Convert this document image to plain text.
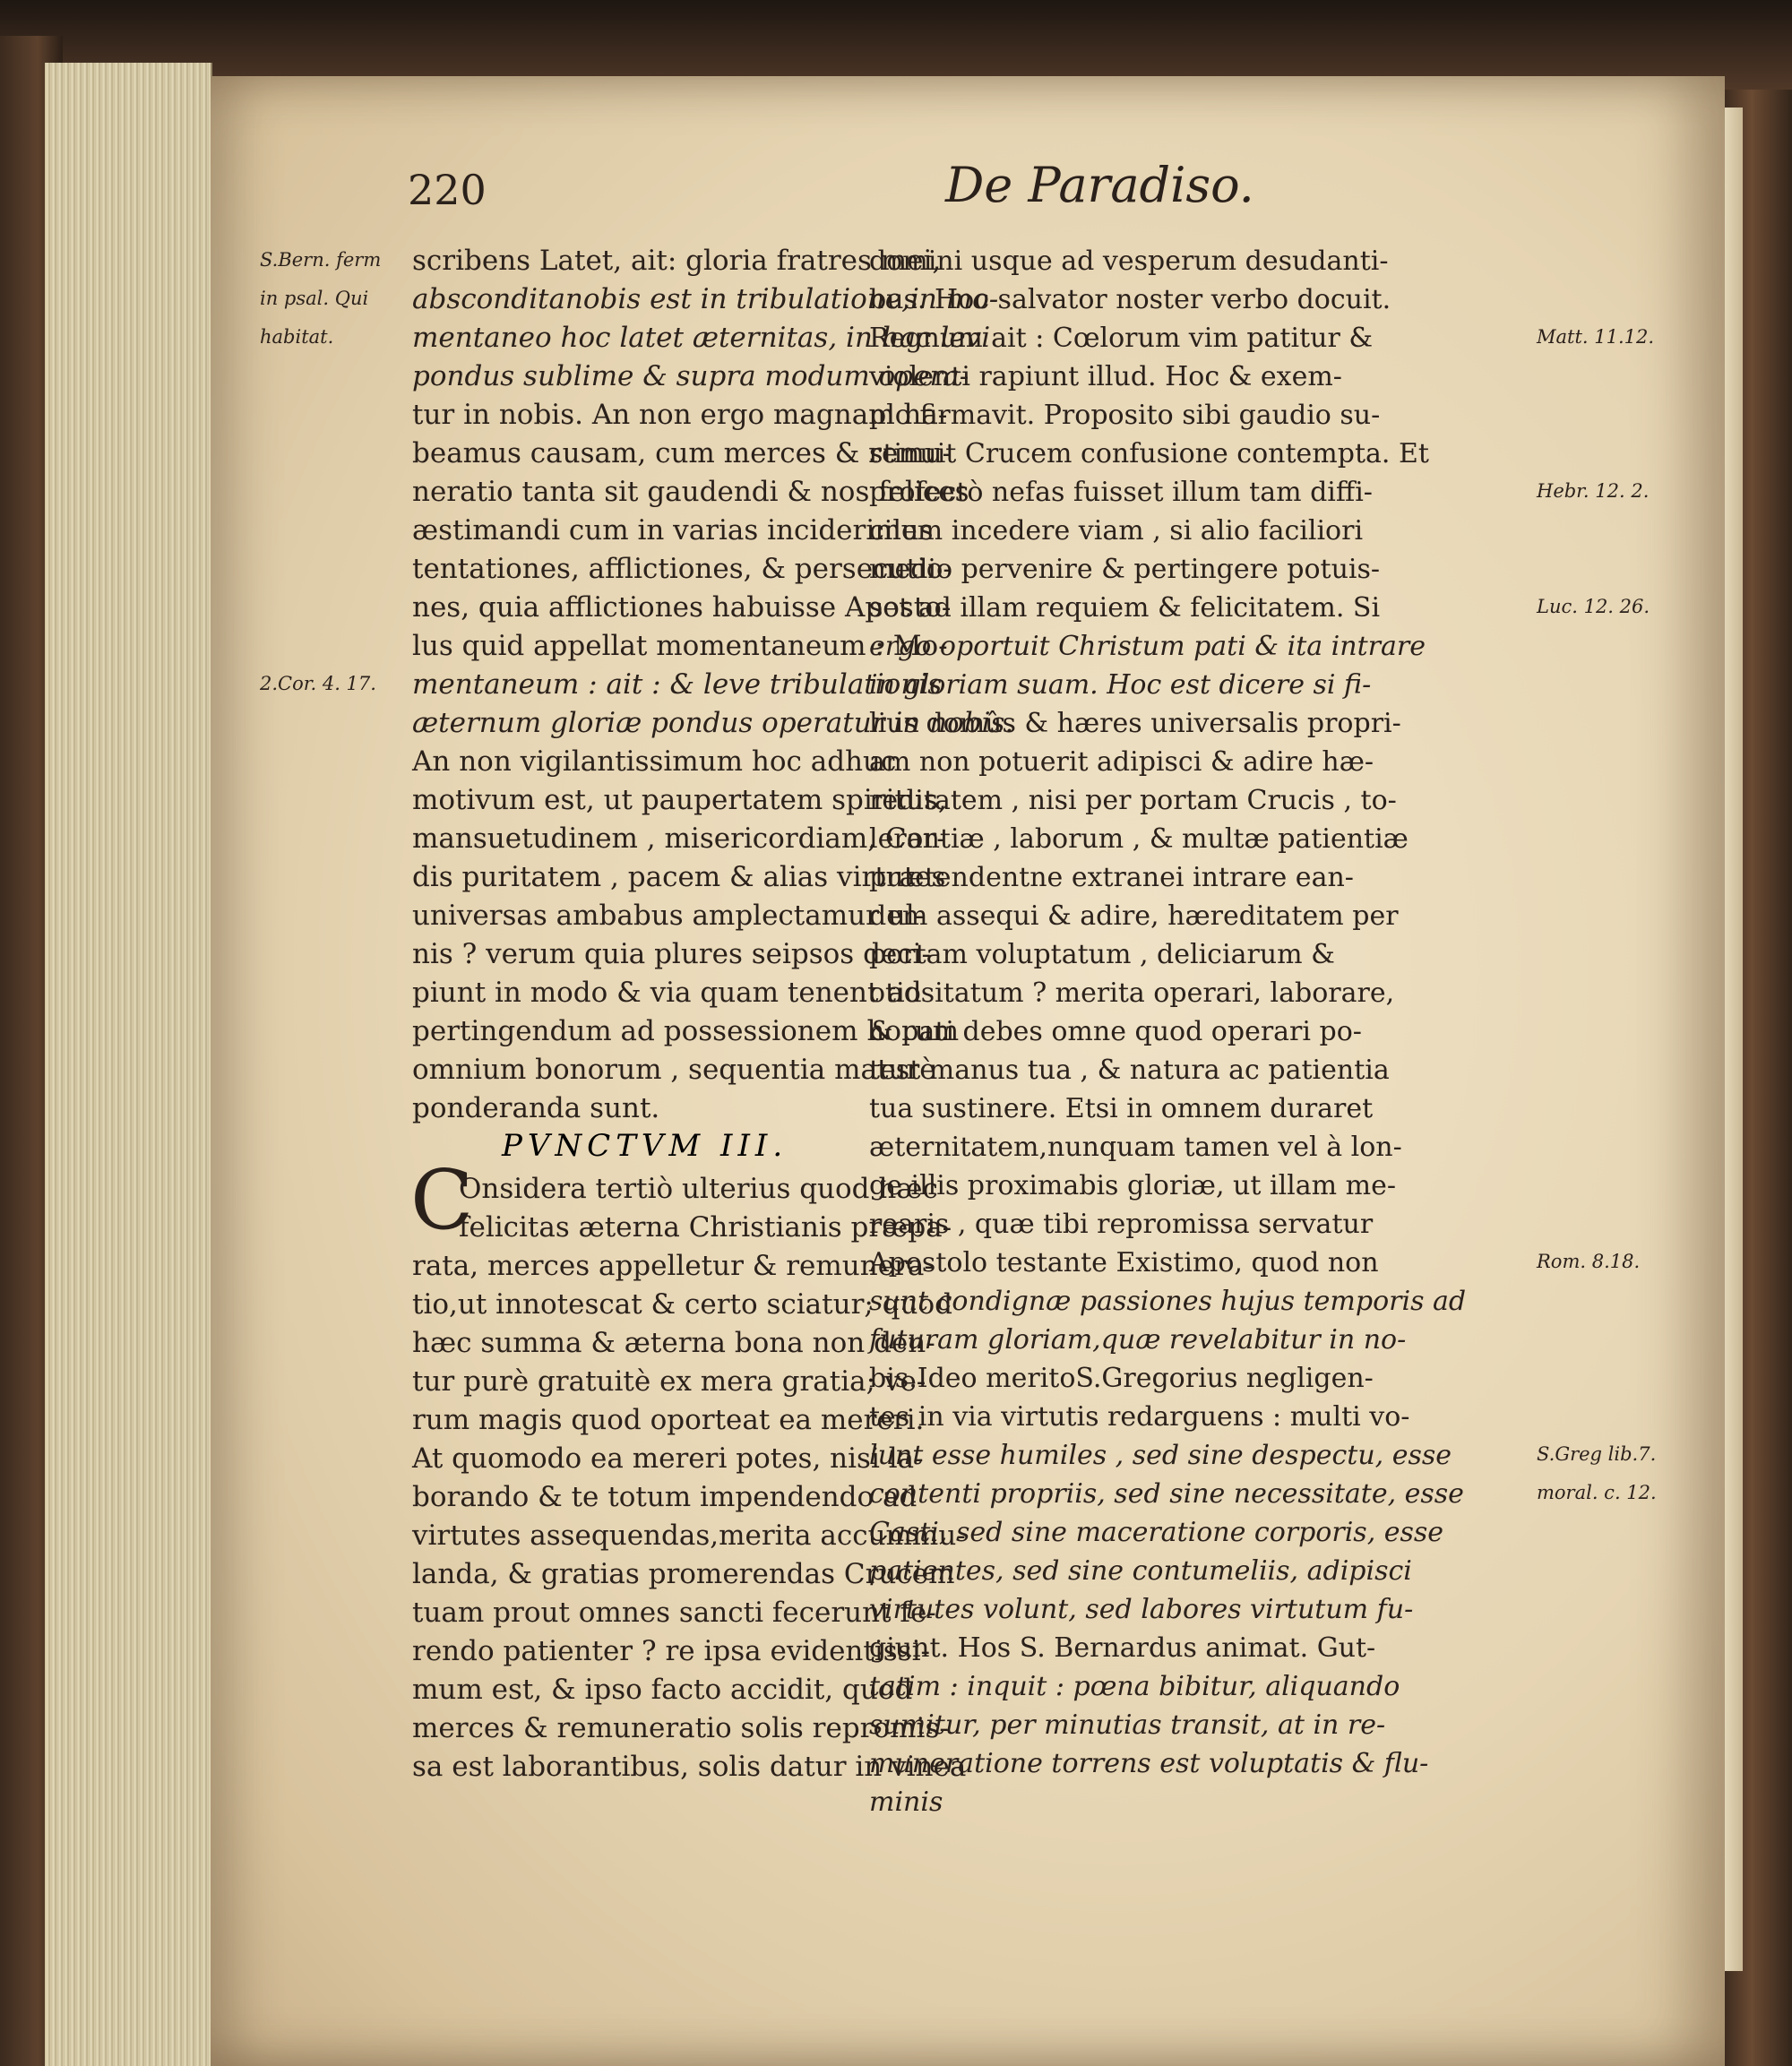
220	De Paradiso.
S.Bern. ferm
in psal. Qui
habitat.
2.Cor. 4. 17.
scribens Latet, ait: gloria fratres mei,
absconditanobis est in tribulatione,in mo-
mentaneo hoc latet æternitas, in hac levi
pondus sublime & supra modum opera-
tur in nobis. An non ergo magnam ha-
beamus causam, cum merces & remu-
neratio tanta sit gaudendi & nos felices
æstimandi cum in varias inciderimus
tentationes, afflictiones, & persecutio-
nes, quia afflictiones habuisse Aposto-
lus quid appellat momentaneum : Mo-
mentaneum : ait : & leve tribulationis
æternum gloriæ pondus operatur in nobis.
An non vigilantissimum hoc adhuc
motivum est, ut paupertatem spiritus,
mansuetudinem , misericordiam, Cor-
dis puritatem , pacem & alias virtutes
universas ambabus amplectamur ul-
nis ? verum quia plures seipsos deci-
piunt in modo & via quam tenent ad
pertingendum ad possessionem horum
omnium bonorum , sequentia maturè
ponderanda sunt.
PVNCTVM III.
C
Onsidera tertiò ulterius quod hæc
felicitas æterna Christianis præpa-
rata, merces appelletur & remunera-
tio,ut innotescat & certo sciatur; quod
hæc summa & æterna bona non den-
tur purè gratuitè ex mera gratia; ve-
rum magis quod oporteat ea mereri.
At quomodo ea mereri potes, nisi la-
borando & te totum impendendo ad
virtutes assequendas,merita accummu-
landa, & gratias promerendas Crucem
tuam prout omnes sancti fecerunt fe-
rendo patienter ? re ipsa evidentissi-
mum est, & ipso facto accidit, quod
merces & remuneratio solis repromis-
sa est laborantibus, solis datur in vinea
domini usque ad vesperum desudanti-
bus. Hoc salvator noster verbo docuit.
Regnum ait : Cœlorum vim patitur &
violenti rapiunt illud. Hoc & exem-
plo firmavit. Proposito sibi gaudio su-
stinuit Crucem confusione contempta. Et
profectò nefas fuisset illum tam diffi-
cilem incedere viam , si alio faciliori
medio pervenire & pertingere potuis-
set ad illam requiem & felicitatem. Si
ergo oportuit Christum pati & ita intrare
in gloriam suam. Hoc est dicere si fi-
lius domûs & hæres universalis propri-
am non potuerit adipisci & adire hæ-
reditatem , nisi per portam Crucis , to-
lerantiæ , laborum , & multæ patientiæ
prætendentne extranei intrare ean-
dem assequi & adire, hæreditatem per
portam voluptatum , deliciarum &
otiositatum ? merita operari, laborare,
& pati debes omne quod operari po-
test manus tua , & natura ac patientia
tua sustinere. Etsi in omnem duraret
æternitatem,nunquam tamen vel à lon-
ge illis proximabis gloriæ, ut illam me-
rearis , quæ tibi repromissa servatur
Apostolo testante Existimo, quod non
sunt condignæ passiones hujus temporis ad
futuram gloriam,quæ revelabitur in no-
bis.Ideo meritoS.Gregorius negligen-
tes in via virtutis redarguens : multi vo-
lunt esse humiles , sed sine despectu, esse
contenti propriis, sed sine necessitate, esse
Casti, sed sine maceratione corporis, esse
patientes, sed sine contumeliis, adipisci
virtutes volunt, sed labores virtutum fu-
giunt. Hos S. Bernardus animat. Gut-
tatim : inquit : pœna bibitur, aliquando
sumitur, per minutias transit, at in re-
muneratione torrens est voluptatis & flu-
minis
Matt. 11.12.
Hebr. 12. 2.
Luc. 12. 26.
Rom. 8.18.
S.Greg lib.7.
moral. c. 12.
